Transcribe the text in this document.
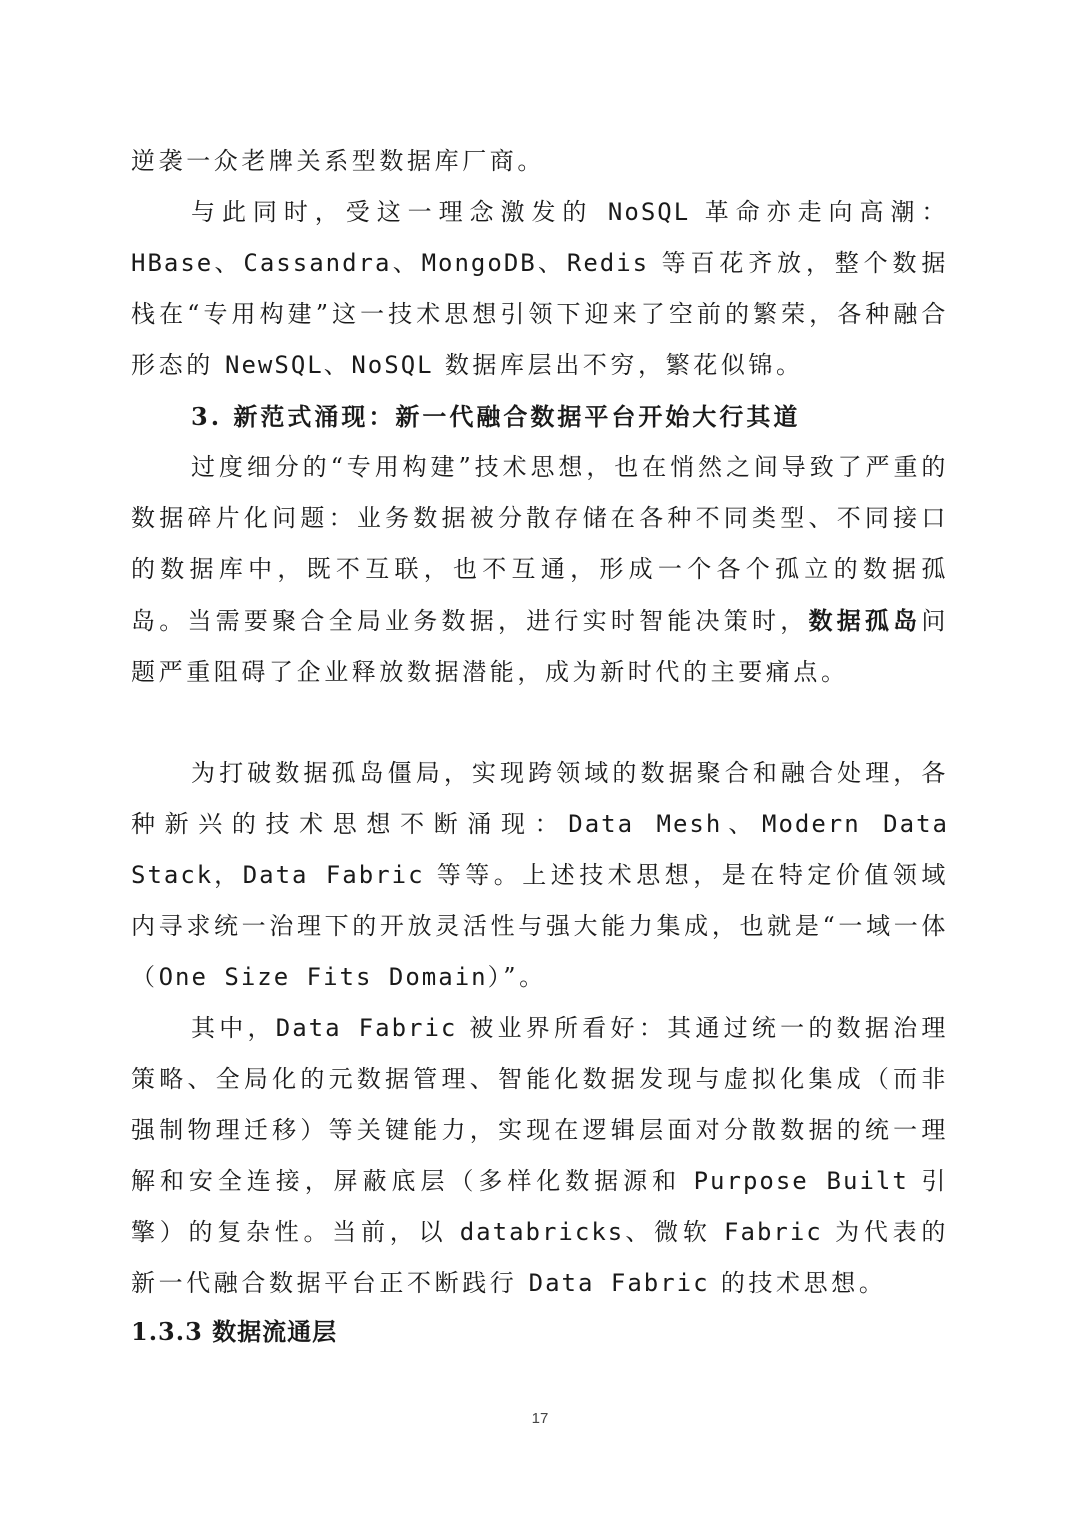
逆袭一众老牌关系型数据库厂商。

与此同时，受这一理念激发的 NoSQL 革命亦走向高潮：HBase、Cassandra、MongoDB、Redis 等百花齐放，整个数据栈在“专用构建”这一技术思想引领下迎来了空前的繁荣，各种融合形态的 NewSQL、NoSQL 数据库层出不穷，繁花似锦。

3. 新范式涌现：新一代融合数据平台开始大行其道

过度细分的“专用构建”技术思想，也在悄然之间导致了严重的数据碎片化问题：业务数据被分散存储在各种不同类型、不同接口的数据库中，既不互联，也不互通，形成一个各个孤立的数据孤岛。当需要聚合全局业务数据，进行实时智能决策时，数据孤岛问题严重阻碍了企业释放数据潜能，成为新时代的主要痛点。

为打破数据孤岛僵局，实现跨领域的数据聚合和融合处理，各种新兴的技术思想不断涌现：Data Mesh、Modern Data Stack，Data Fabric 等等。上述技术思想，是在特定价值领域内寻求统一治理下的开放灵活性与强大能力集成，也就是“一域一体（One Size Fits Domain）”。

其中，Data Fabric 被业界所看好：其通过统一的数据治理策略、全局化的元数据管理、智能化数据发现与虚拟化集成（而非强制物理迁移）等关键能力，实现在逻辑层面对分散数据的统一理解和安全连接，屏蔽底层（多样化数据源和 Purpose Built 引擎）的复杂性。当前，以 databricks、微软 Fabric 为代表的新一代融合数据平台正不断践行 Data Fabric 的技术思想。

1.3.3 数据流通层
17
